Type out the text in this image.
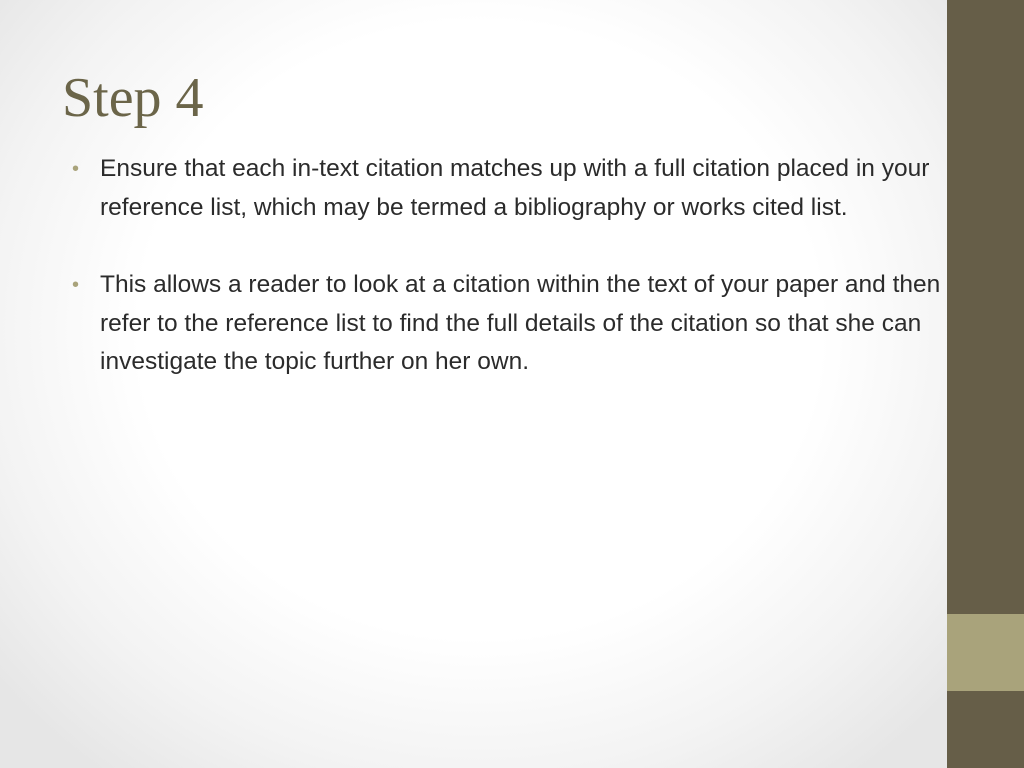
Step 4
• Ensure that each in-text citation matches up with a full citation placed in your reference list, which may be termed a bibliography or works cited list.
• This allows a reader to look at a citation within the text of your paper and then refer to the reference list to find the full details of the citation so that she can investigate the topic further on her own.
